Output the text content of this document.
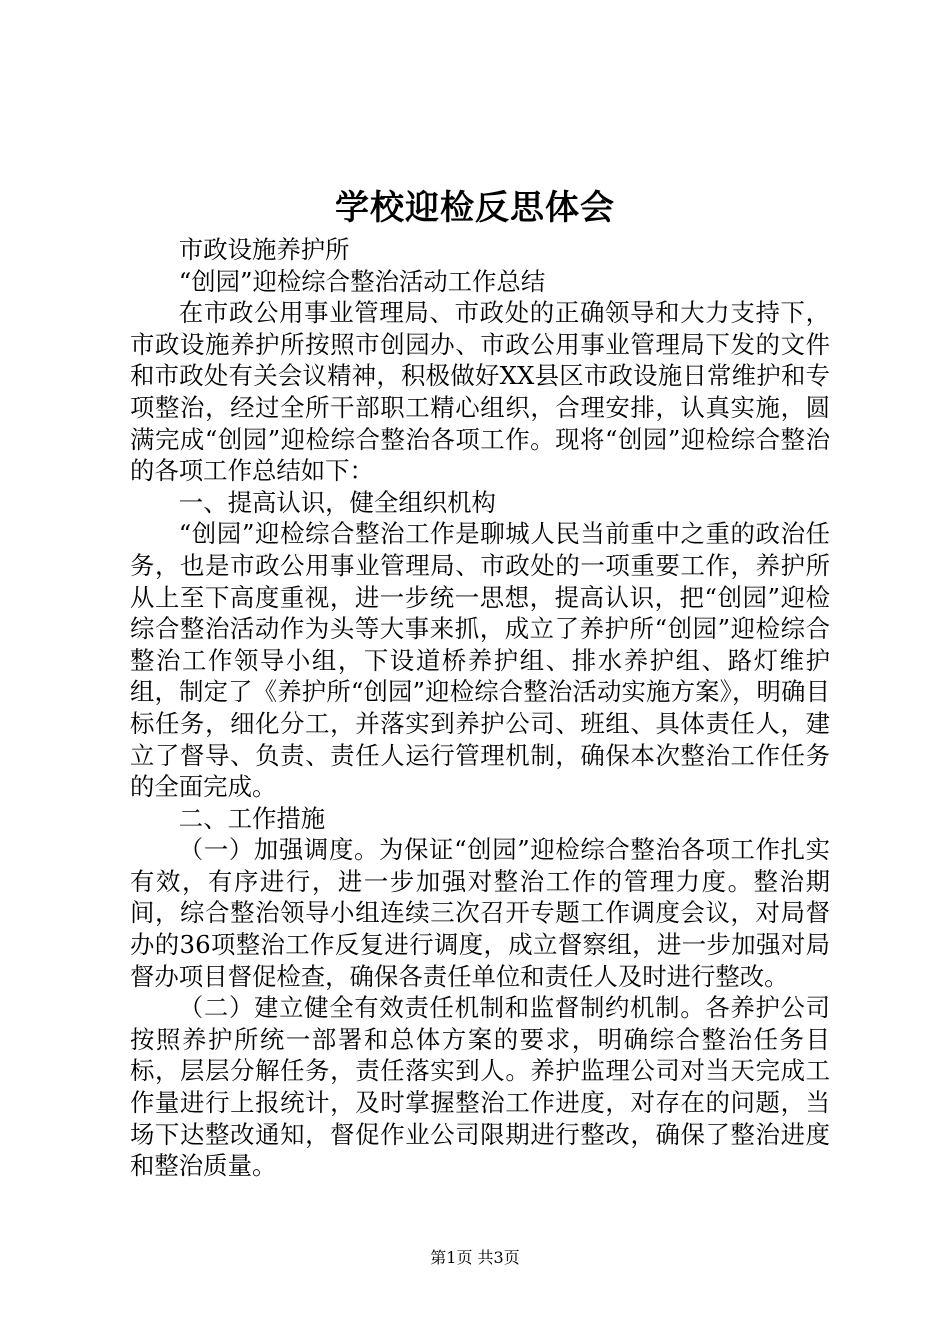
学校迎检反思体会

市政设施养护所

“创园”迎检综合整治活动工作总结

在市政公用事业管理局、市政处的正确领导和大力支持下，市政设施养护所按照市创园办、市政公用事业管理局下发的文件和市政处有关会议精神，积极做好XX县区市政设施日常维护和专项整治，经过全所干部职工精心组织，合理安排，认真实施，圆满完成“创园”迎检综合整治各项工作。现将“创园”迎检综合整治的各项工作总结如下：

一、提高认识，健全组织机构

“创园”迎检综合整治工作是聊城人民当前重中之重的政治任务，也是市政公用事业管理局、市政处的一项重要工作，养护所从上至下高度重视，进一步统一思想，提高认识，把“创园”迎检综合整治活动作为头等大事来抓，成立了养护所“创园”迎检综合整治工作领导小组，下设道桥养护组、排水养护组、路灯维护组，制定了《养护所“创园”迎检综合整治活动实施方案》，明确目标任务，细化分工，并落实到养护公司、班组、具体责任人，建立了督导、负责、责任人运行管理机制，确保本次整治工作任务的全面完成。

二、工作措施

（一）加强调度。为保证“创园”迎检综合整治各项工作扎实有效，有序进行，进一步加强对整治工作的管理力度。整治期间，综合整治领导小组连续三次召开专题工作调度会议，对局督办的36项整治工作反复进行调度，成立督察组，进一步加强对局督办项目督促检查，确保各责任单位和责任人及时进行整改。

（二）建立健全有效责任机制和监督制约机制。各养护公司按照养护所统一部署和总体方案的要求，明确综合整治任务目标，层层分解任务，责任落实到人。养护监理公司对当天完成工作量进行上报统计，及时掌握整治工作进度，对存在的问题，当场下达整改通知，督促作业公司限期进行整改，确保了整治进度和整治质量。

第1页 共3页
